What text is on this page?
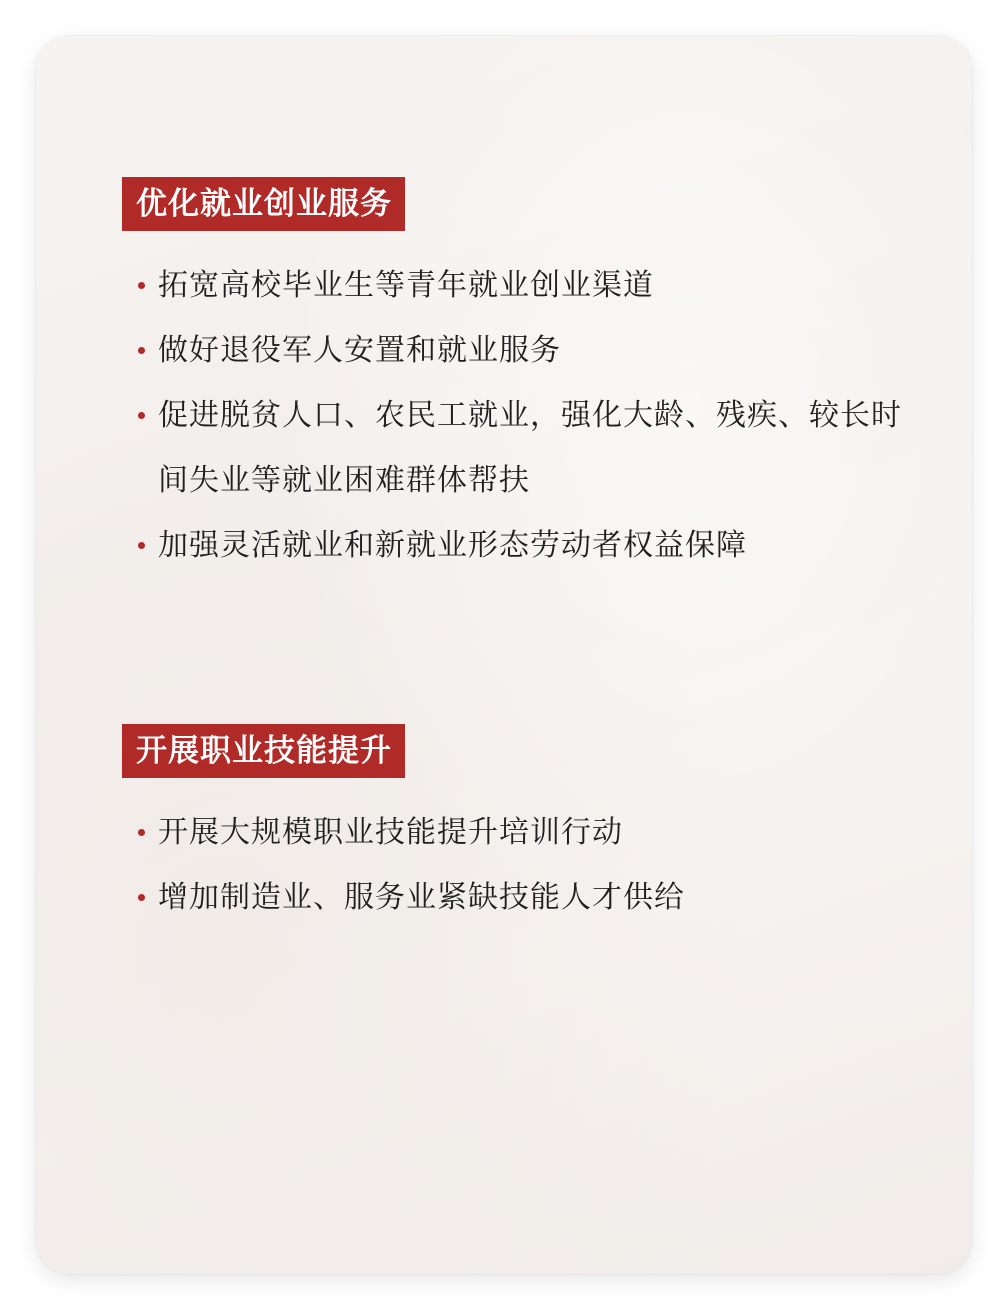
优化就业创业服务
拓宽高校毕业生等青年就业创业渠道
做好退役军人安置和就业服务
促进脱贫人口、农民工就业，强化大龄、残疾、较长时间失业等就业困难群体帮扶
加强灵活就业和新就业形态劳动者权益保障
开展职业技能提升
开展大规模职业技能提升培训行动
增加制造业、服务业紧缺技能人才供给
